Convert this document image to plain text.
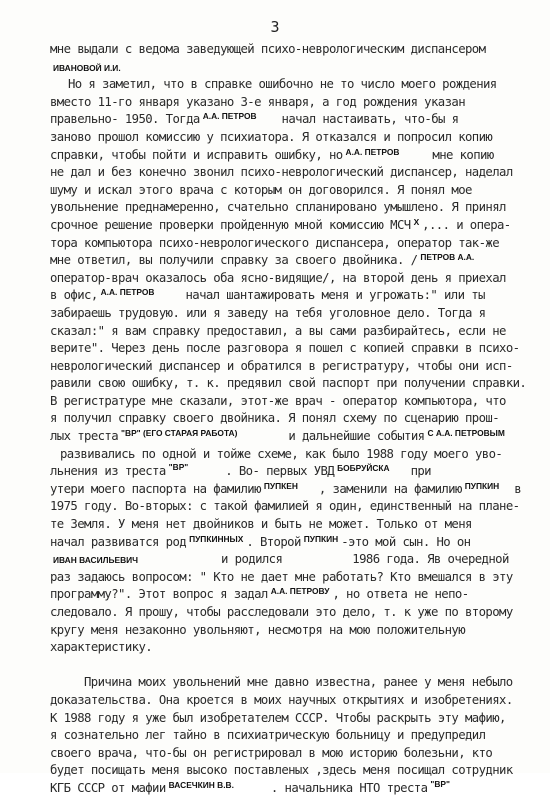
3
мне выдали с ведома заведующей психо-неврологическим диспансером
ИВАНОВОЙ И.И.
Но я заметил, что в справке ошибочно не то число моего рождения
вместо 11-го января указано 3-е января, а год рождения указан
правельно- 1950. Тогда $^{А.А. ПЕТРОВ}$ начал настаивать, что-бы я
заново прошол комиссию у психиатора. Я отказался и попросил копию
справки, чтобы пойти и исправить ошибку, но $^{А.А. ПЕТРОВ}$	мне копию
не дал и без конечно звонил психо-неврологический диспансер, наделал
шуму и искал этого врача с которым он договорился. Я понял мое
увольнение преднамеренно, счательно спланировано умышлено. Я принял
срочное решение проверки пройденную мной комиссию МСЧ $^Х$ ,... и опера-
тора компьютора психо-неврологического диспансера, оператор так-же
мне ответил, вы получили справку за своего двойника. / $^{ПЕТРОВ А.А.}$
оператор-врач оказалось оба ясно-видящие/, на второй день я приехал
в офис, $^{А.А. ПЕТРОВ}$	начал шантажировать меня и угрожать:" или ты
забираешь трудовую. или я заведу на тебя уголовное дело. Тогда я
сказал:" я вам справку предоставил, а вы сами разбирайтесь, если не
верите". Через день после разговора я пошел с копией справки в психо-
неврологический диспансер и обратился в регистратуру, чтобы они исп-
равили свою ошибку, т. к. предявил свой паспорт при получении справки.
В регистратуре мне сказали, этот-же врач - оператор компьютора, что
я получил справку своего двойника. Я понял схему по сценарию прош-
лых треста $^{"ВР" (ЕГО СТАРАЯ РАБОТА)}$	и дальнейшие события $^{С А.А. ПЕТРОВЫМ}$
развивались по одной и тойже схеме, как было 1988 году моего уво-
льнения из треста $^{"ВР"}$	. Во- первых УВД $^{БОБРУЙСКА}$ при
утери моего паспорта на фамилию $^{ПУПКЕН}$ , заменили на фамилию $^{ПУПКИН}$ в
1975 году. Во-вторых: с такой фамилией я один, единственный на плане-
те Земля. У меня нет двойников и быть не может. Только от меня
начал развиватся род $^{ПУПКИННЫХ}$ . Второй $^{ПУПКИН}$ -это мой сын. Но он
ИВАН ВАСИЛЬЕВИЧ	и родился	1986 года. Яв очередной
раз задаюсь вопросом: " Кто не дает мне работать? Кто вмешался в эту
программу?". Этот вопрос я задал $^{А.А. ПЕТРОВУ}$ , но ответа не непо-
следовало. Я прошу, чтобы расследовали это дело, т. к уже по второму
кругу меня незаконно увольняют, несмотря на мою положительную
характеристику.
Причина моих увольнений мне давно известна, ранее у меня небыло
доказательства. Она кроется в моих научных открытиях и изобретениях.
К 1988 году я уже был изобретателем СССР. Чтобы раскрыть эту мафию,
я сознательно лег тайно в психиатрическую больницу и предупредил
своего врача, что-бы он регистрировал в мою историю болезьни, кто
будет посищать меня высоко поставленых ,здесь меня посищал сотрудник
КГБ СССР от мафии $^{ВАСЕЧКИН В.В.}$	. начальника НТО треста $^{"ВР"}$
